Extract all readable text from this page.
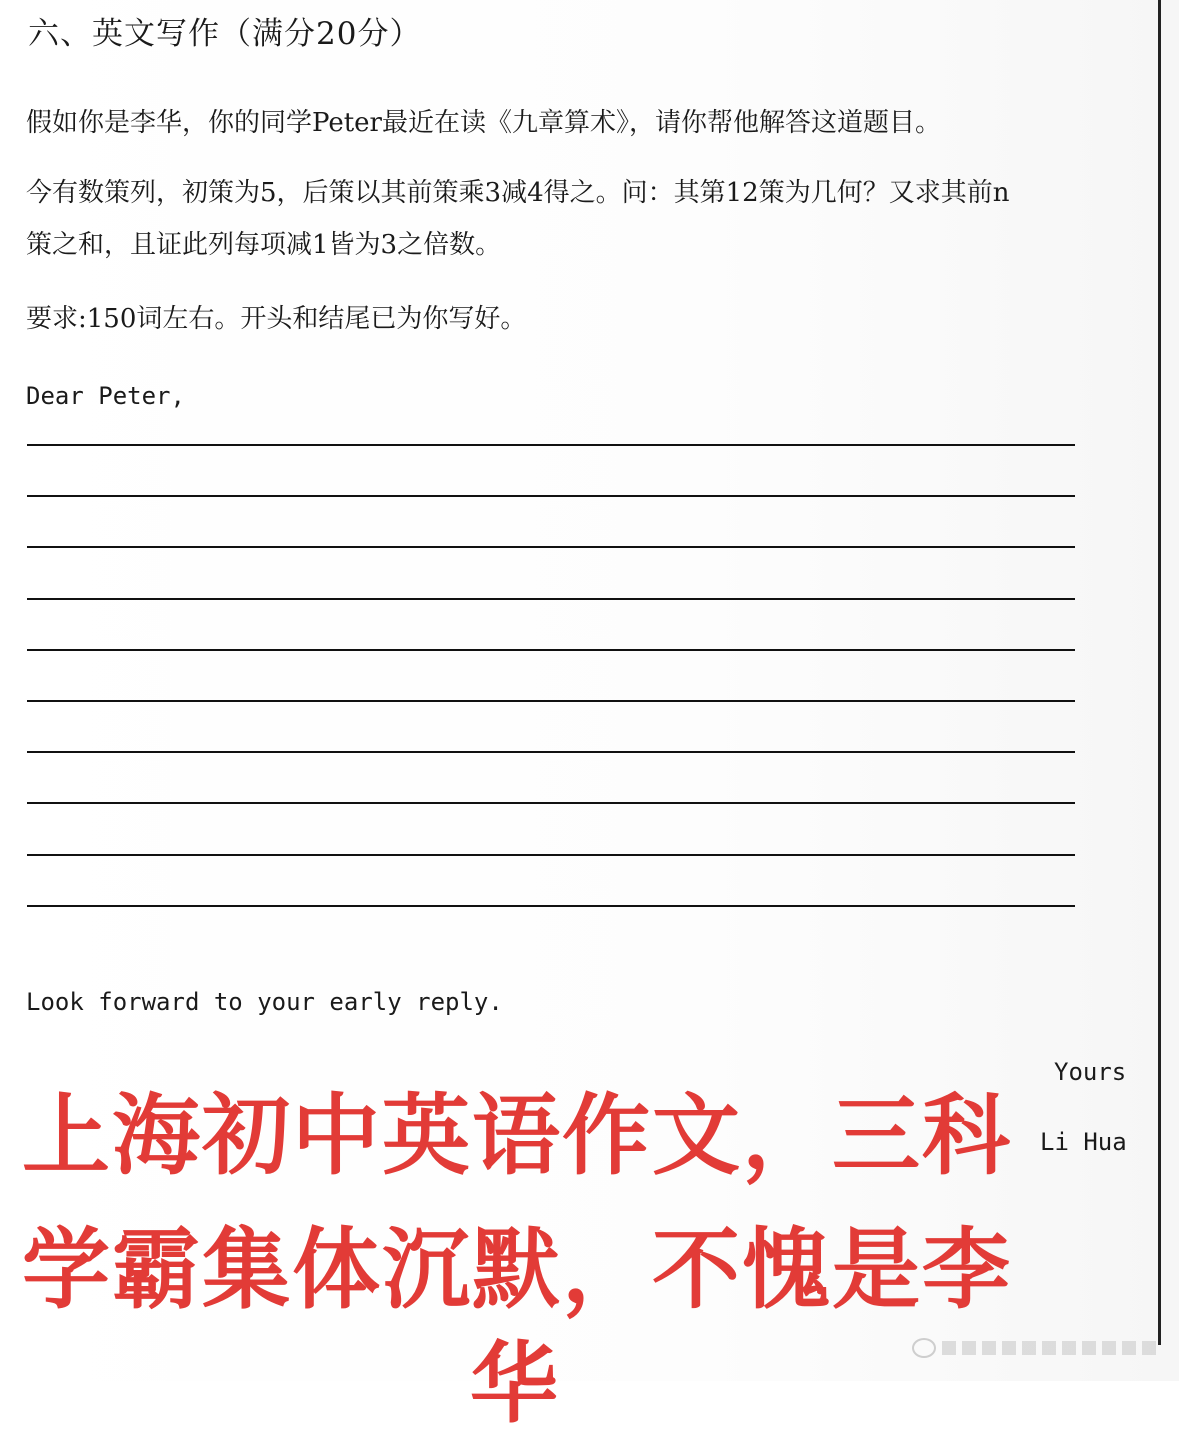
六、英文写作（满分20分）
假如你是李华，你的同学Peter最近在读《九章算术》，请你帮他解答这道题目。
今有数策列，初策为5，后策以其前策乘3减4得之。问：其第12策为几何？又求其前n
策之和，且证此列每项减1皆为3之倍数。
要求:150词左右。开头和结尾已为你写好。
Dear Peter,
Look forward to your early reply.
Yours
Li Hua
上海初中英语作文，三科
学霸集体沉默，不愧是李
华
